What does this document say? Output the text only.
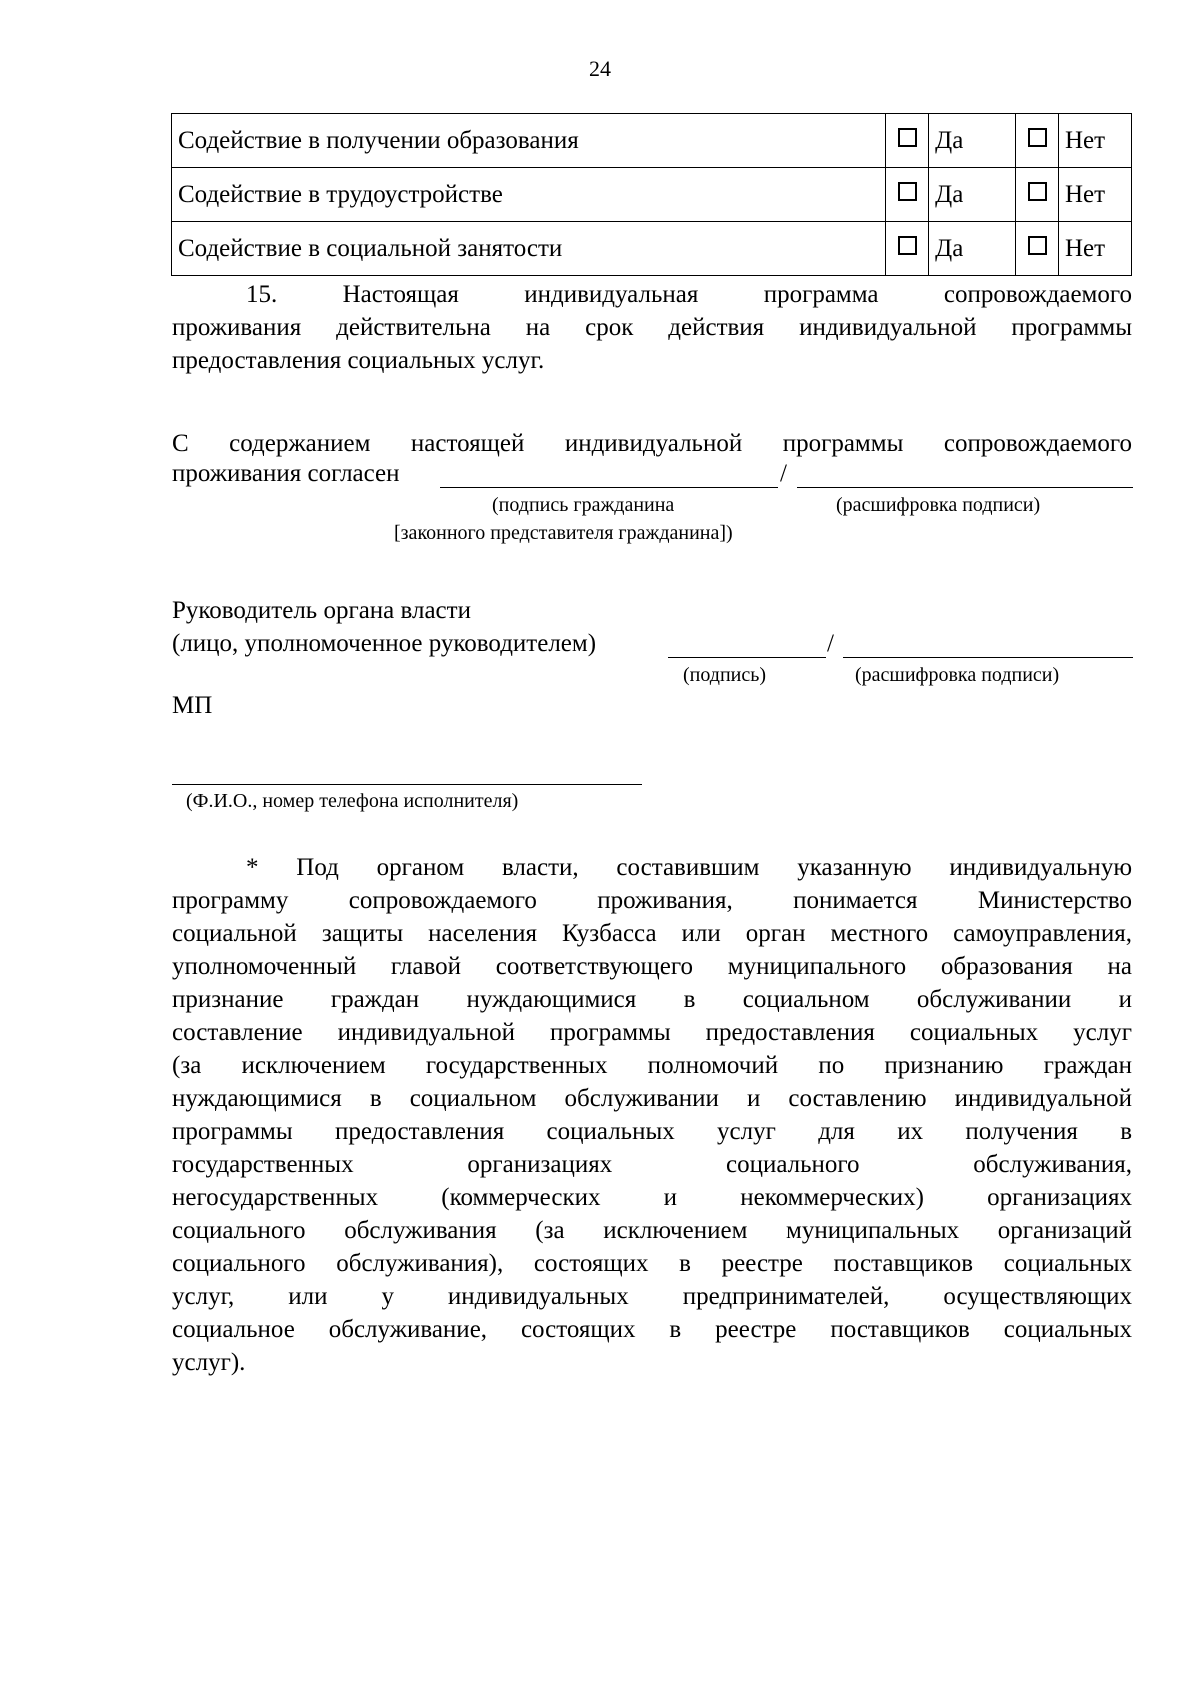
24
Содействие в получении образования		Да		Нет
Содействие в трудоустройстве		Да		Нет
Содействие в социальной занятости		Да		Нет
15. Настоящая индивидуальная программа сопровождаемого
проживания действительна на срок действия индивидуальной программы
предоставления социальных услуг.
С содержанием настоящей индивидуальной программы сопровождаемого
проживания согласен	/
(подпись гражданина	(расшифровка подписи)
[законного представителя гражданина])
Руководитель органа власти
(лицо, уполномоченное руководителем)	/
(подпись)	(расшифровка подписи)
МП
(Ф.И.О., номер телефона исполнителя)
* Под органом власти, составившим указанную индивидуальную
программу сопровождаемого проживания, понимается Министерство
социальной защиты населения Кузбасса или орган местного самоуправления,
уполномоченный главой соответствующего муниципального образования на
признание граждан нуждающимися в социальном обслуживании и
составление индивидуальной программы предоставления социальных услуг
(за исключением государственных полномочий по признанию граждан
нуждающимися в социальном обслуживании и составлению индивидуальной
программы предоставления социальных услуг для их получения в
государственных организациях социального обслуживания,
негосударственных (коммерческих и некоммерческих) организациях
социального обслуживания (за исключением муниципальных организаций
социального обслуживания), состоящих в реестре поставщиков социальных
услуг, или у индивидуальных предпринимателей, осуществляющих
социальное обслуживание, состоящих в реестре поставщиков социальных
услуг).
